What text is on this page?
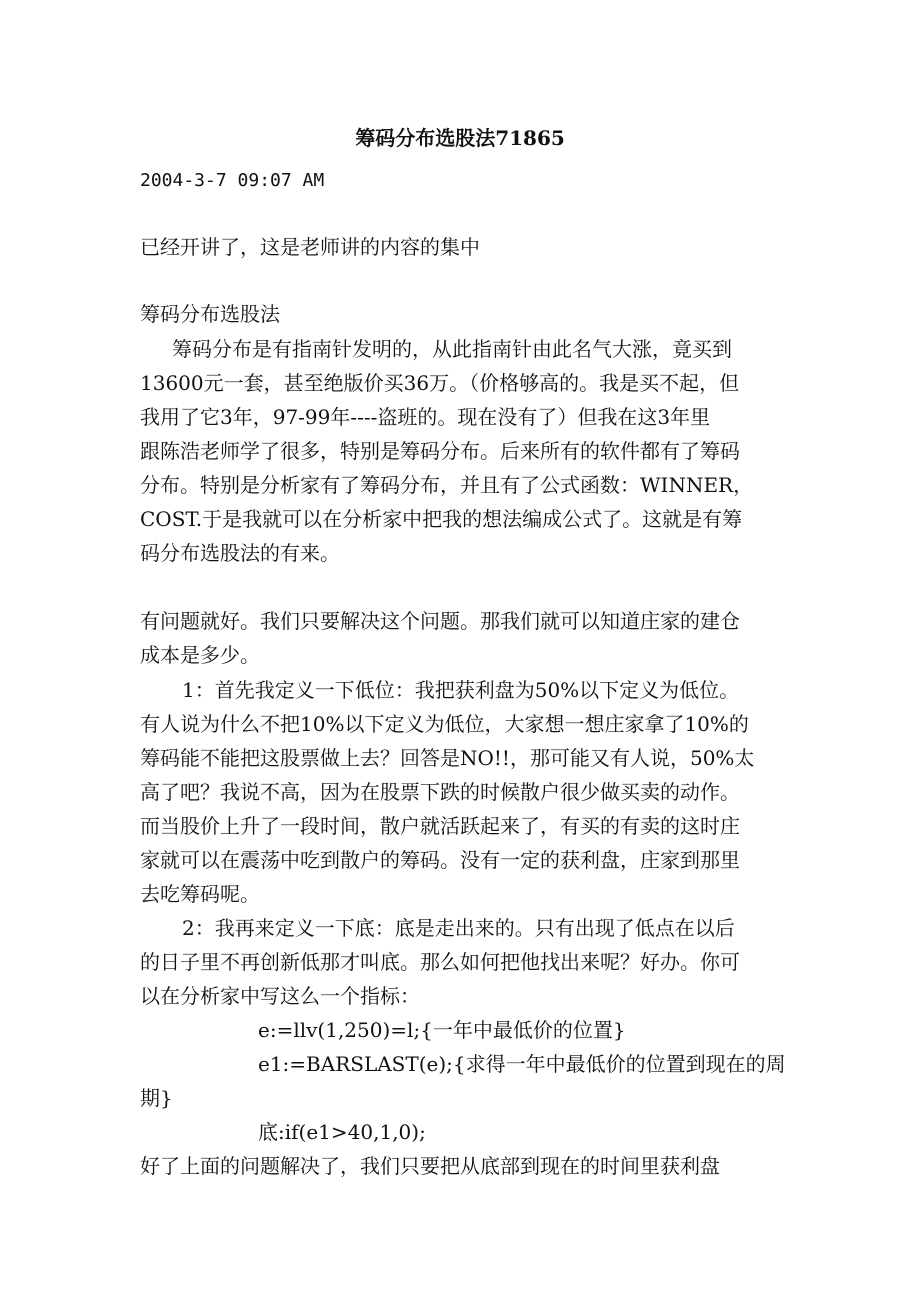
筹码分布选股法71865
2004-3-7 09:07 AM
已经开讲了，这是老师讲的内容的集中
筹码分布选股法
筹码分布是有指南针发明的，从此指南针由此名气大涨，竟买到
13600元一套，甚至绝版价买36万。（价格够高的。我是买不起，但
我用了它3年，97-99年----盗班的。现在没有了）但我在这3年里
跟陈浩老师学了很多，特别是筹码分布。后来所有的软件都有了筹码
分布。特别是分析家有了筹码分布，并且有了公式函数：WINNER，
COST.于是我就可以在分析家中把我的想法编成公式了。这就是有筹
码分布选股法的有来。
有问题就好。我们只要解决这个问题。那我们就可以知道庄家的建仓
成本是多少。
1：首先我定义一下低位：我把获利盘为50%以下定义为低位。
有人说为什么不把10%以下定义为低位，大家想一想庄家拿了10%的
筹码能不能把这股票做上去？回答是NO!!，那可能又有人说，50%太
高了吧？我说不高，因为在股票下跌的时候散户很少做买卖的动作。
而当股价上升了一段时间，散户就活跃起来了，有买的有卖的这时庄
家就可以在震荡中吃到散户的筹码。没有一定的获利盘，庄家到那里
去吃筹码呢。
2：我再来定义一下底：底是走出来的。只有出现了低点在以后
的日子里不再创新低那才叫底。那么如何把他找出来呢？好办。你可
以在分析家中写这么一个指标：
e:=llv(1,250)=l;{一年中最低价的位置}
e1:=BARSLAST(e);{求得一年中最低价的位置到现在的周
期}
底:if(e1>40,1,0);
好了上面的问题解决了，我们只要把从底部到现在的时间里获利盘
